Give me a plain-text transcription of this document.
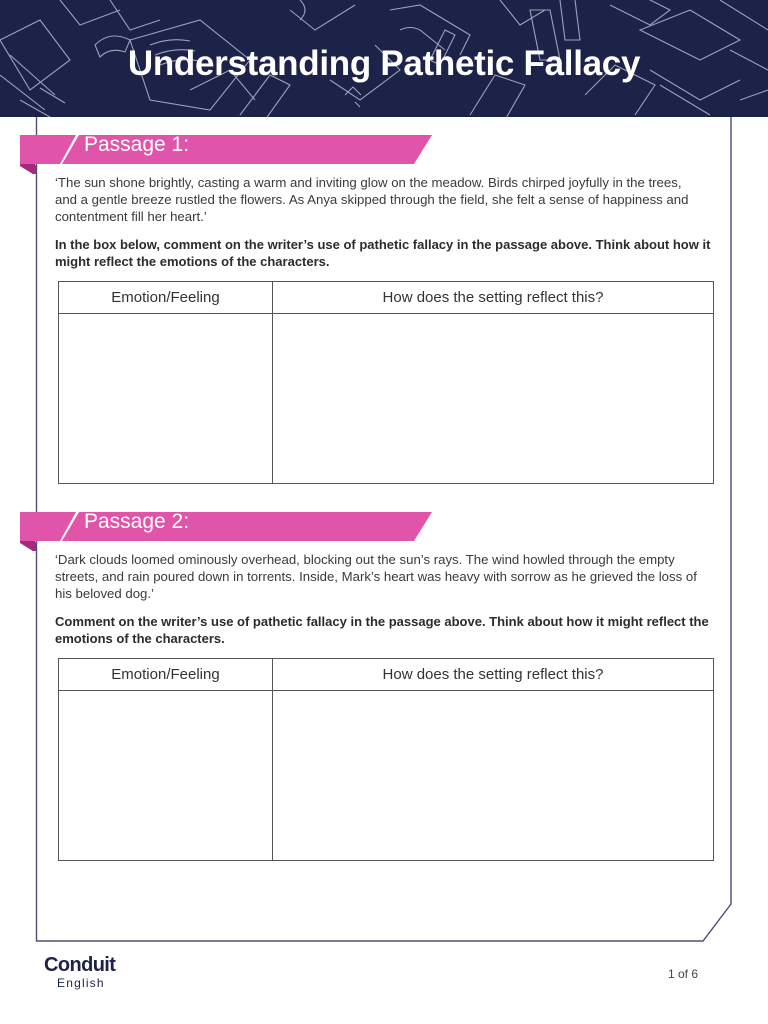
Understanding Pathetic Fallacy
Passage 1:

‘The sun shone brightly, casting a warm and inviting glow on the meadow. Birds chirped joyfully in the trees, and a gentle breeze rustled the flowers. As Anya skipped through the field, she felt a sense of happiness and contentment fill her heart.’

In the box below, comment on the writer’s use of pathetic fallacy in the passage above. Think about how it might reflect the emotions of the characters.

Emotion/Feeling	How does the setting reflect this?

Passage 2:

‘Dark clouds loomed ominously overhead, blocking out the sun’s rays. The wind howled through the empty streets, and rain poured down in torrents. Inside, Mark’s heart was heavy with sorrow as he grieved the loss of his beloved dog.’

Comment on the writer’s use of pathetic fallacy in the passage above. Think about how it might reflect the emotions of the characters.

Emotion/Feeling	How does the setting reflect this?

Conduit
English
1 of 6
